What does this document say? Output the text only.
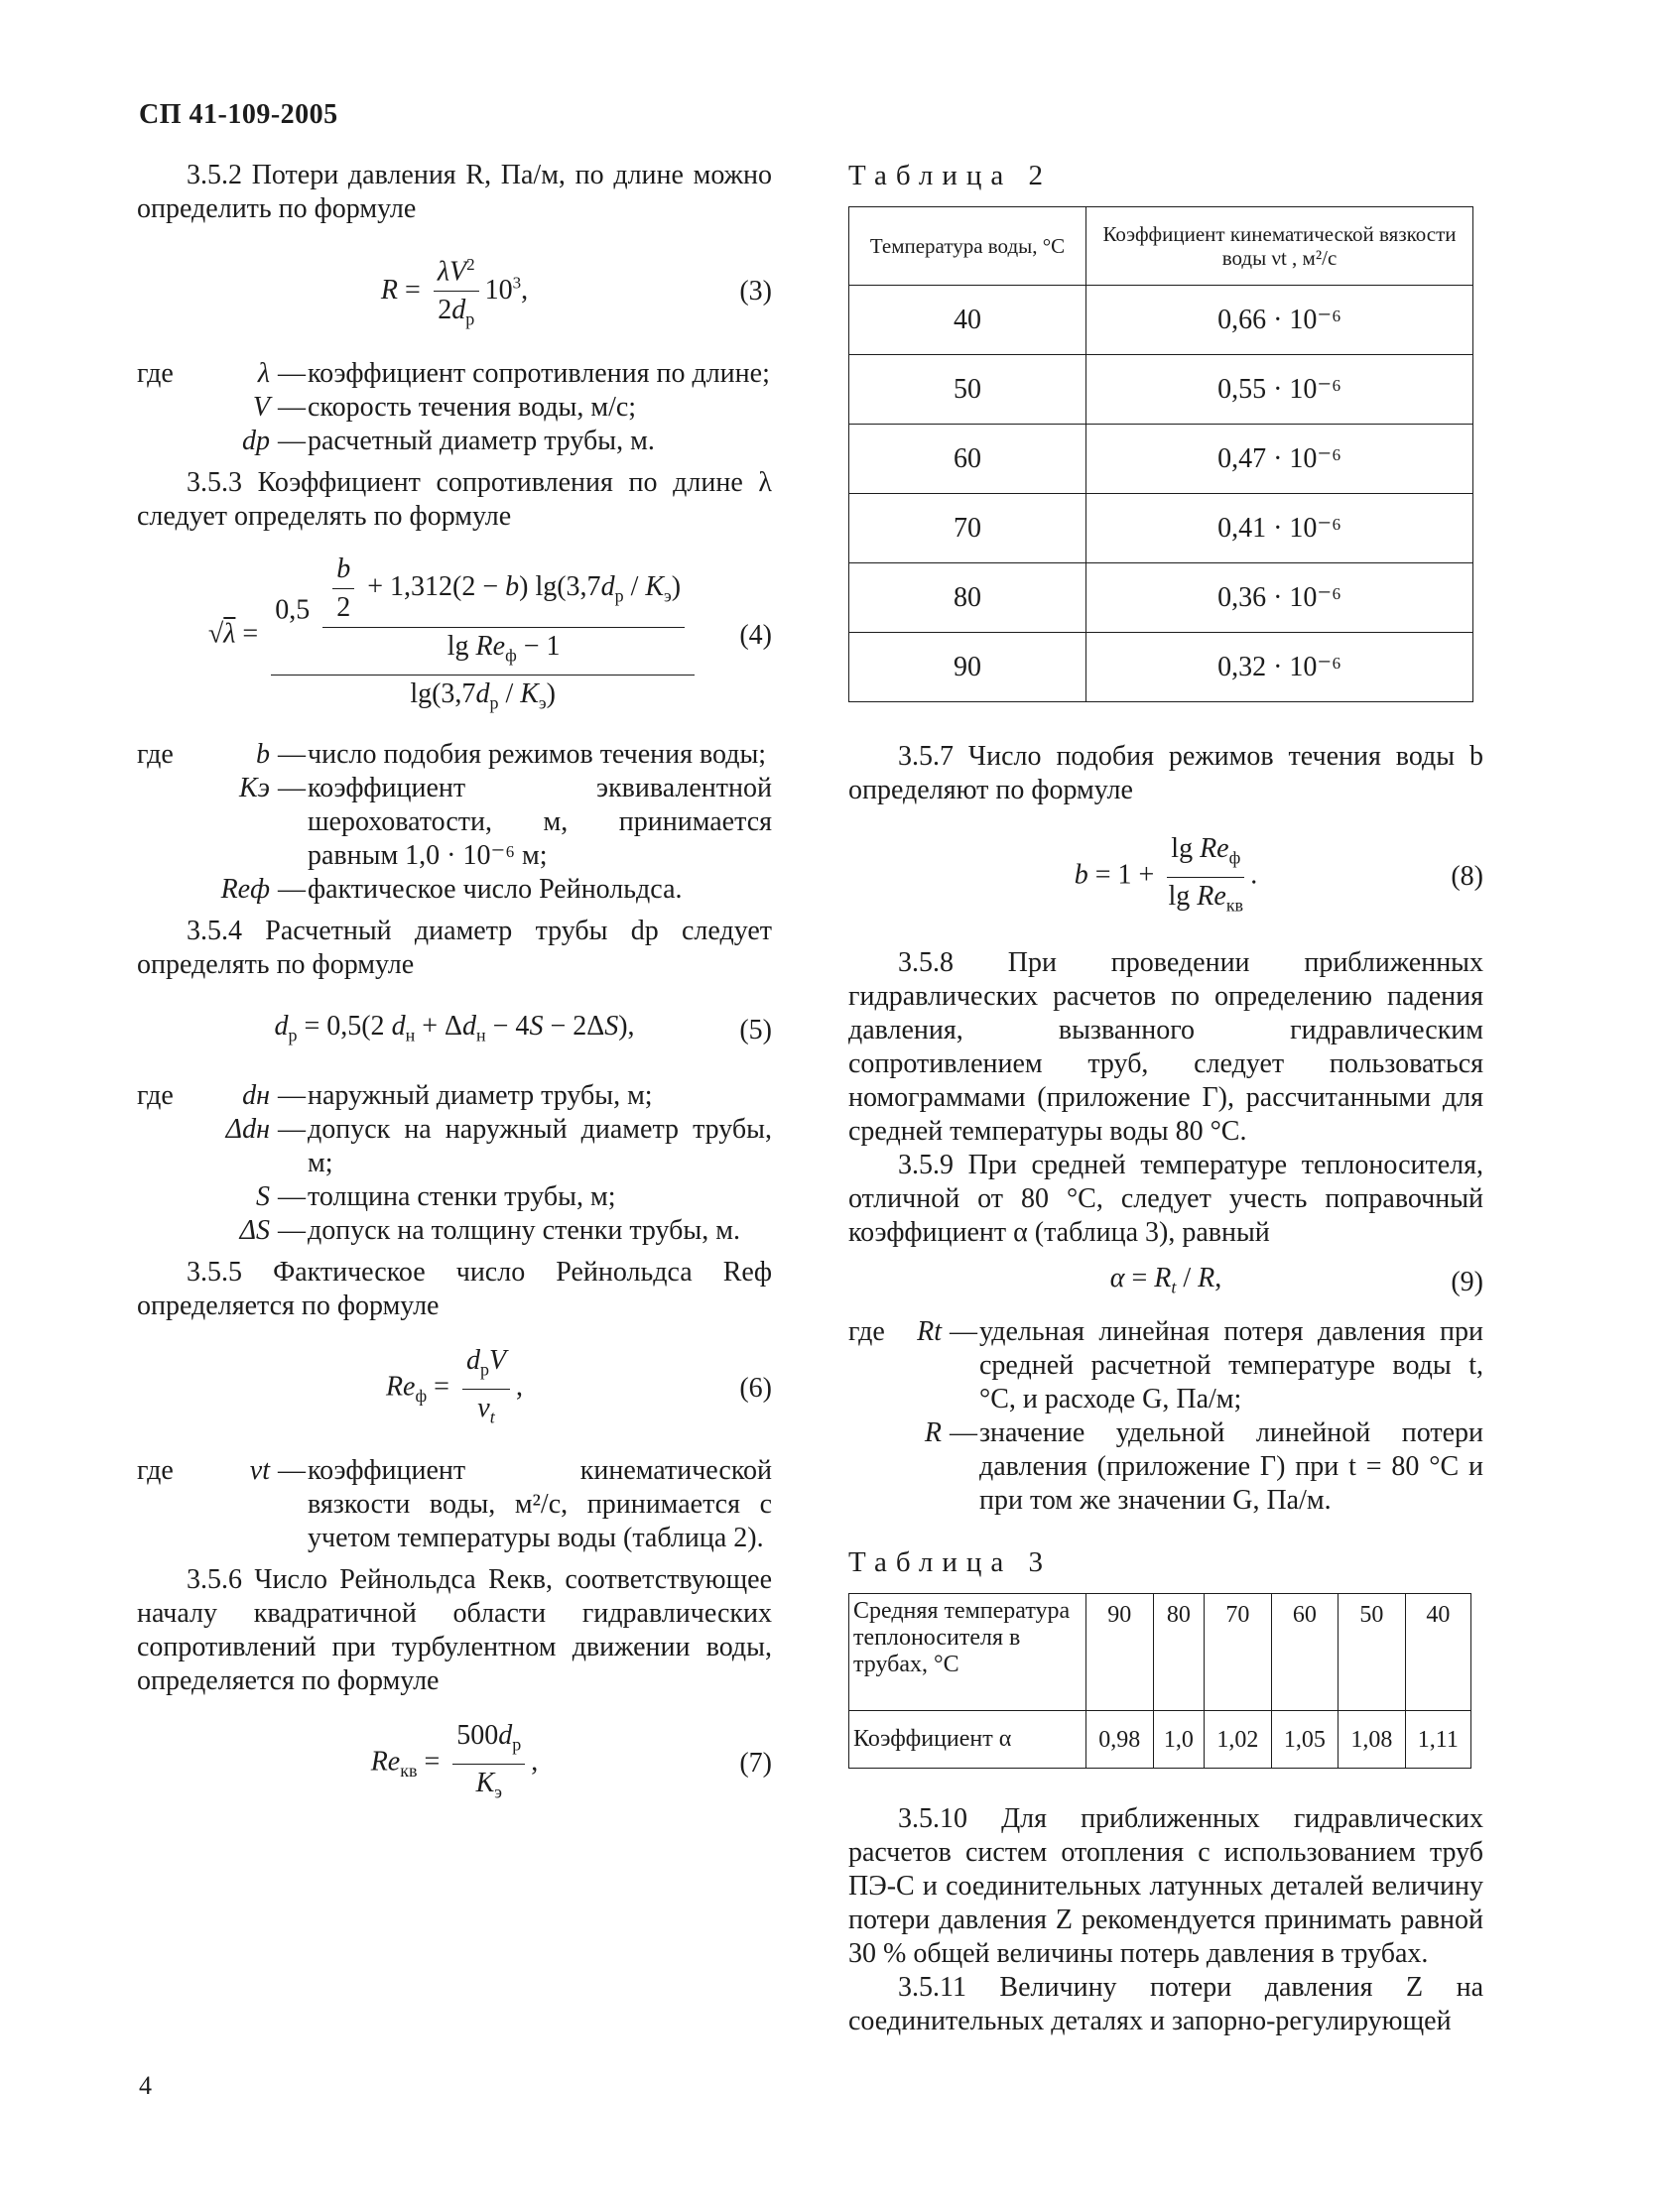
СП 41-109-2005

3.5.2 Потери давления R, Па/м, по длине можно определить по формуле

$R = \frac{\lambda V^2}{2d_р} 10^3$,	(3)
где	λ — коэффициент сопротивления по длине;
V — скорость течения воды, м/с;
dр — расчетный диаметр трубы, м.

3.5.3 Коэффициент сопротивления по длине λ следует определять по формуле

$√\lambda = \frac{0,5 \frac{\frac{b}{2} + 1,312(2 - b) \lg(3,7d_р / K_э)}{\lg Re_ф - 1}}{\lg(3,7d_р / K_э)} (4)$
где	b — число подобия режимов течения воды;
Kэ — коэффициент эквивалентной шероховатости, м, принимается равным 1,0 · 10⁻⁶ м;
Reф — фактическое число Рейнольдса.

3.5.4 Расчетный диаметр трубы dр следует определять по формуле

$d_р = 0,5(2$ $d_н + \Delta d_н - 4S - 2\Delta S$),	(5)
где	dн — наружный диаметр трубы, м;
Δdн — допуск на наружный диаметр трубы, м;
S — толщина стенки трубы, м;
ΔS — допуск на толщину стенки трубы, м.

3.5.5 Фактическое число Рейнольдса Reф определяется по формуле

$Re_ф = \frac{d_рV}{\nu_t}$ ,	(6)
где	νt — коэффициент кинематической вязкости воды, м²/с, принимается с учетом температуры воды (таблица 2).

3.5.6 Число Рейнольдса Reкв, соответствующее началу квадратичной области гидравлических сопротивлений при турбулентном движении воды, определяется по формуле

$Re_{кв} = \frac{500d_р}{K_э}$ ,	(7)
Таблица 2
Температура воды, °С	Коэффициент кинематической вязкости воды νt , м²/с
40	0,66 · 10⁻⁶
50	0,55 · 10⁻⁶
60	0,47 · 10⁻⁶
70	0,41 · 10⁻⁶
80	0,36 · 10⁻⁶
90	0,32 · 10⁻⁶

3.5.7 Число подобия режимов течения воды b определяют по формуле

$b = 1 + \frac{\lg Re_ф}{\lg Re_{кв}}$ .	(8)

3.5.8 При проведении приближенных гидравлических расчетов по определению падения давления, вызванного гидравлическим сопротивлением труб, следует пользоваться номограммами (приложение Г), рассчитанными для средней температуры воды 80 °С.

3.5.9 При средней температуре теплоносителя, отличной от 80 °С, следует учесть поправочный коэффициент α (таблица 3), равный

$\alpha = R_t / R$,	(9)
где	Rt — удельная линейная потеря давления при средней расчетной температуре воды t, °С, и расходе G, Па/м;
R — значение удельной линейной потери давления (приложение Г) при t = 80 °С и при том же значении G, Па/м.
Таблица 3
Средняя температура теплоносителя в трубах, °С	90	80	70	60	50	40
Коэффициент α	0,98	1,0	1,02	1,05	1,08	1,11

3.5.10 Для приближенных гидравлических расчетов систем отопления с использованием труб ПЭ-С и соединительных латунных деталей величину потери давления Z рекомендуется принимать равной 30 % общей величины потерь давления в трубах.

3.5.11 Величину потери давления Z на соединительных деталях и запорно-регулирующей

4
